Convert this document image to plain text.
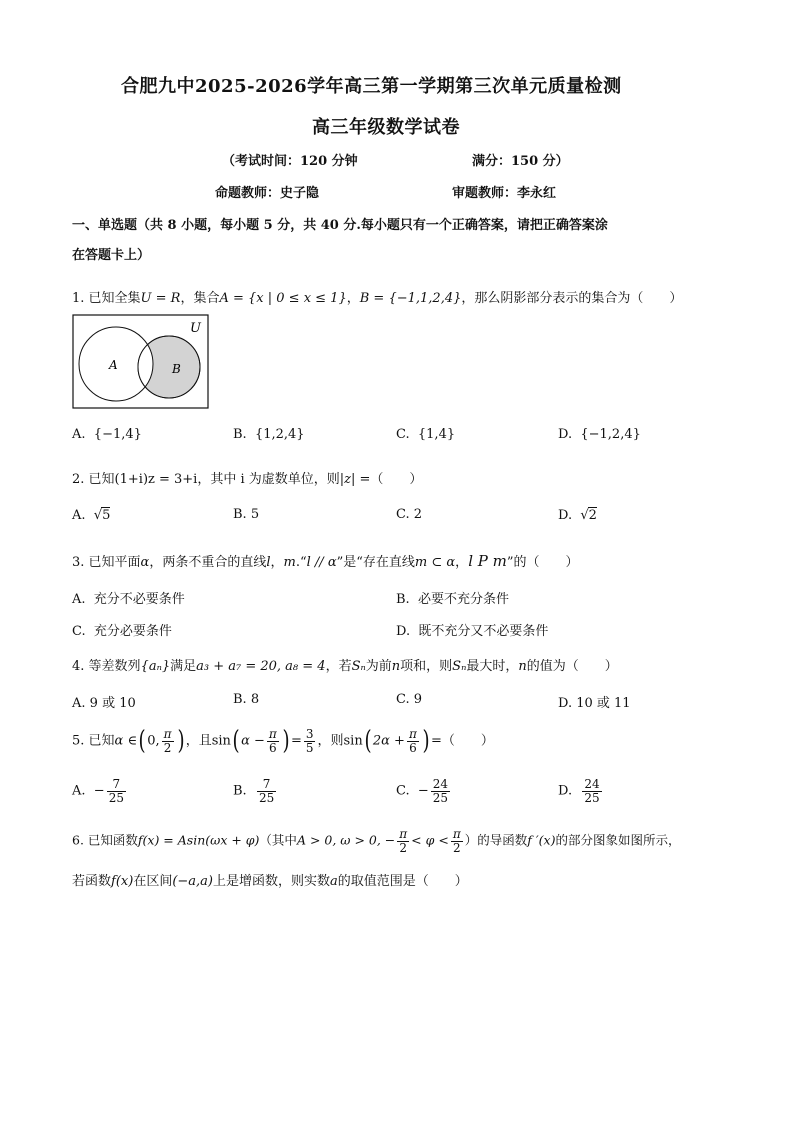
合肥九中2025-2026学年高三第一学期第三次单元质量检测
高三年级数学试卷
（考试时间：120 分钟	满分：150 分）
命题教师：史子隐	审题教师：李永红
一、单选题（共 8 小题，每小题 5 分，共 40 分.每小题只有一个正确答案，请把正确答案涂
在答题卡上）
1. 已知全集U = R，集合A = {x | 0 ≤ x ≤ 1}，B = {−1,1,2,4}，那么阴影部分表示的集合为（　　）
U
A	B
A. {−1,4}	B. {1,2,4}	C. {1,4}	D. {−1,2,4}
2. 已知(1+i)z = 3+i，其中 i 为虚数单位，则|z| =（　　）
A.  √5	B. 5	C. 2	D.  √2
3. 已知平面α，两条不重合的直线l，m.“l // α”是“存在直线m ⊂ α，l P m”的（　　）
A. 充分不必要条件	B. 必要不充分条件
C. 充分必要条件	D. 既不充分又不必要条件
4. 等差数列{aₙ}满足a₃ + a₇ = 20, a₈ = 4，若Sₙ为前n项和，则Sₙ最大时，n的值为（　　）
A. 9 或 10	B. 8	C. 9	D. 10 或 11
5. 已知α ∈( 0, $\frac{\pi}{2}$ ) ，且sin( $\alpha - \frac{\pi}{6}$ ) = $\frac{3}{5}$ ，则sin( $2\alpha + \frac{\pi}{6}$ ) =（　　）
A. − $\frac{7}{25}$	B. $\frac{7}{25}$	C. − $\frac{24}{25}$	D. $\frac{24}{25}$
6. 已知函数f(x) = Asin(ωx + φ)（其中A > 0, ω > 0, − $\frac{\pi}{2} < \varphi < \frac{\pi}{2}$ ）的导函数f ′(x)的部分图象如图所示，
若函数f(x)在区间(−a,a)上是增函数，则实数a的取值范围是（　　）
